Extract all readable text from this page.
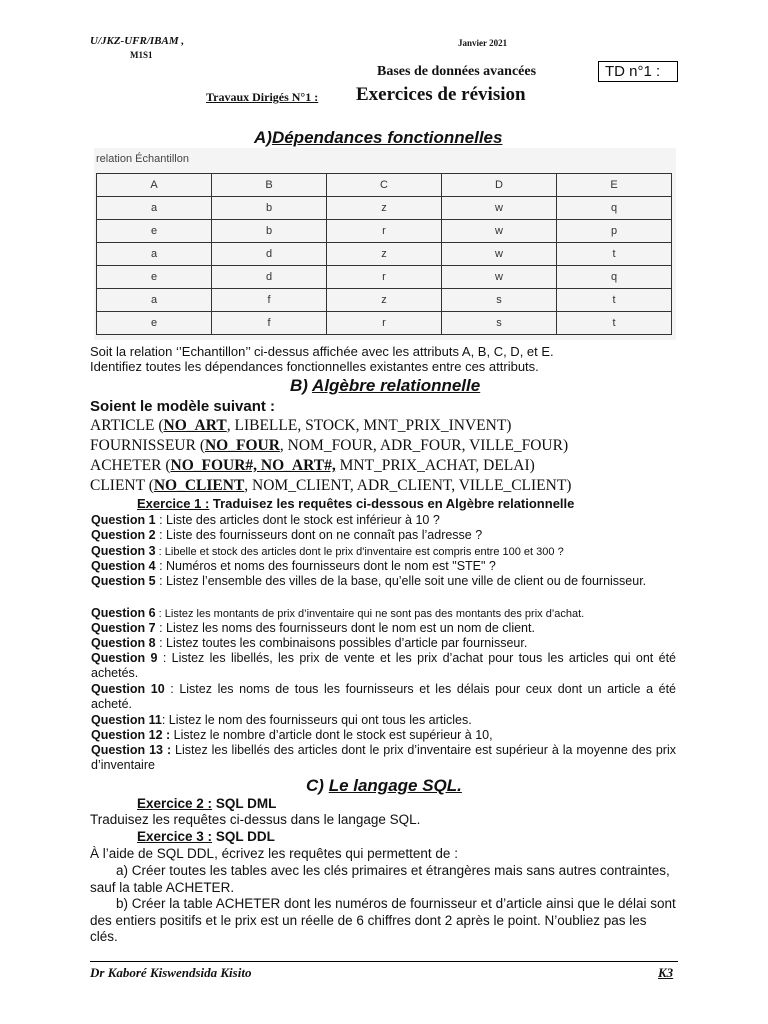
U/JKZ-UFR/IBAM ,
M1S1
Janvier 2021
Bases de données avancées	TD n°1 :
Travaux Dirigés N°1 : Exercices de révision
A)Dépendances fonctionnelles
relation Échantillon
A	B	C	D	E
a	b	z	w	q
e	b	r	w	p
a	d	z	w	t
e	d	r	w	q
a	f	z	s	t
e	f	r	s	t
Soit la relation ‘’Echantillon’’ ci-dessus affichée avec les attributs A, B, C, D, et E.
Identifiez toutes les dépendances fonctionnelles existantes entre ces attributs.
B) Algèbre relationnelle
Soient le modèle suivant :
ARTICLE (NO_ART, LIBELLE, STOCK, MNT_PRIX_INVENT)
FOURNISSEUR (NO_FOUR, NOM_FOUR, ADR_FOUR, VILLE_FOUR)
ACHETER (NO_FOUR#, NO_ART#, MNT_PRIX_ACHAT, DELAI)
CLIENT (NO_CLIENT, NOM_CLIENT, ADR_CLIENT, VILLE_CLIENT)
Exercice 1 : Traduisez les requêtes ci-dessous en Algèbre relationnelle
Question 1 : Liste des articles dont le stock est inférieur à 10 ?
Question 2 : Liste des fournisseurs dont on ne connaît pas l’adresse ?
Question 3 : Libelle et stock des articles dont le prix d'inventaire est compris entre 100 et 300 ?
Question 4 : Numéros et noms des fournisseurs dont le nom est "STE" ?
Question 5 : Listez l’ensemble des villes de la base, qu’elle soit une ville de client ou de fournisseur.
Question 6 : Listez les montants de prix d’inventaire qui ne sont pas des montants des prix d’achat.
Question 7 : Listez les noms des fournisseurs dont le nom est un nom de client.
Question 8 : Listez toutes les combinaisons possibles d’article par fournisseur.
Question 9 : Listez les libellés, les prix de vente et les prix d’achat pour tous les articles qui ont été achetés.
Question 10 : Listez les noms de tous les fournisseurs et les délais pour ceux dont un article a été acheté.
Question 11: Listez le nom des fournisseurs qui ont tous les articles.
Question 12 : Listez le nombre d’article dont le stock est supérieur à 10,
Question 13 : Listez les libellés des articles dont le prix d’inventaire est supérieur à la moyenne des prix d’inventaire
C) Le langage SQL.
Exercice 2 : SQL DML
Traduisez les requêtes ci-dessus dans le langage SQL.
Exercice 3 : SQL DDL
À l’aide de SQL DDL, écrivez les requêtes qui permettent de :
a) Créer toutes les tables avec les clés primaires et étrangères mais sans autres contraintes, sauf la table ACHETER.
b) Créer la table ACHETER dont les numéros de fournisseur et d’article ainsi que le délai sont des entiers positifs et le prix est un réelle de 6 chiffres dont 2 après le point. N’oubliez pas les clés.
Dr Kaboré Kiswendsida Kisito	K3
